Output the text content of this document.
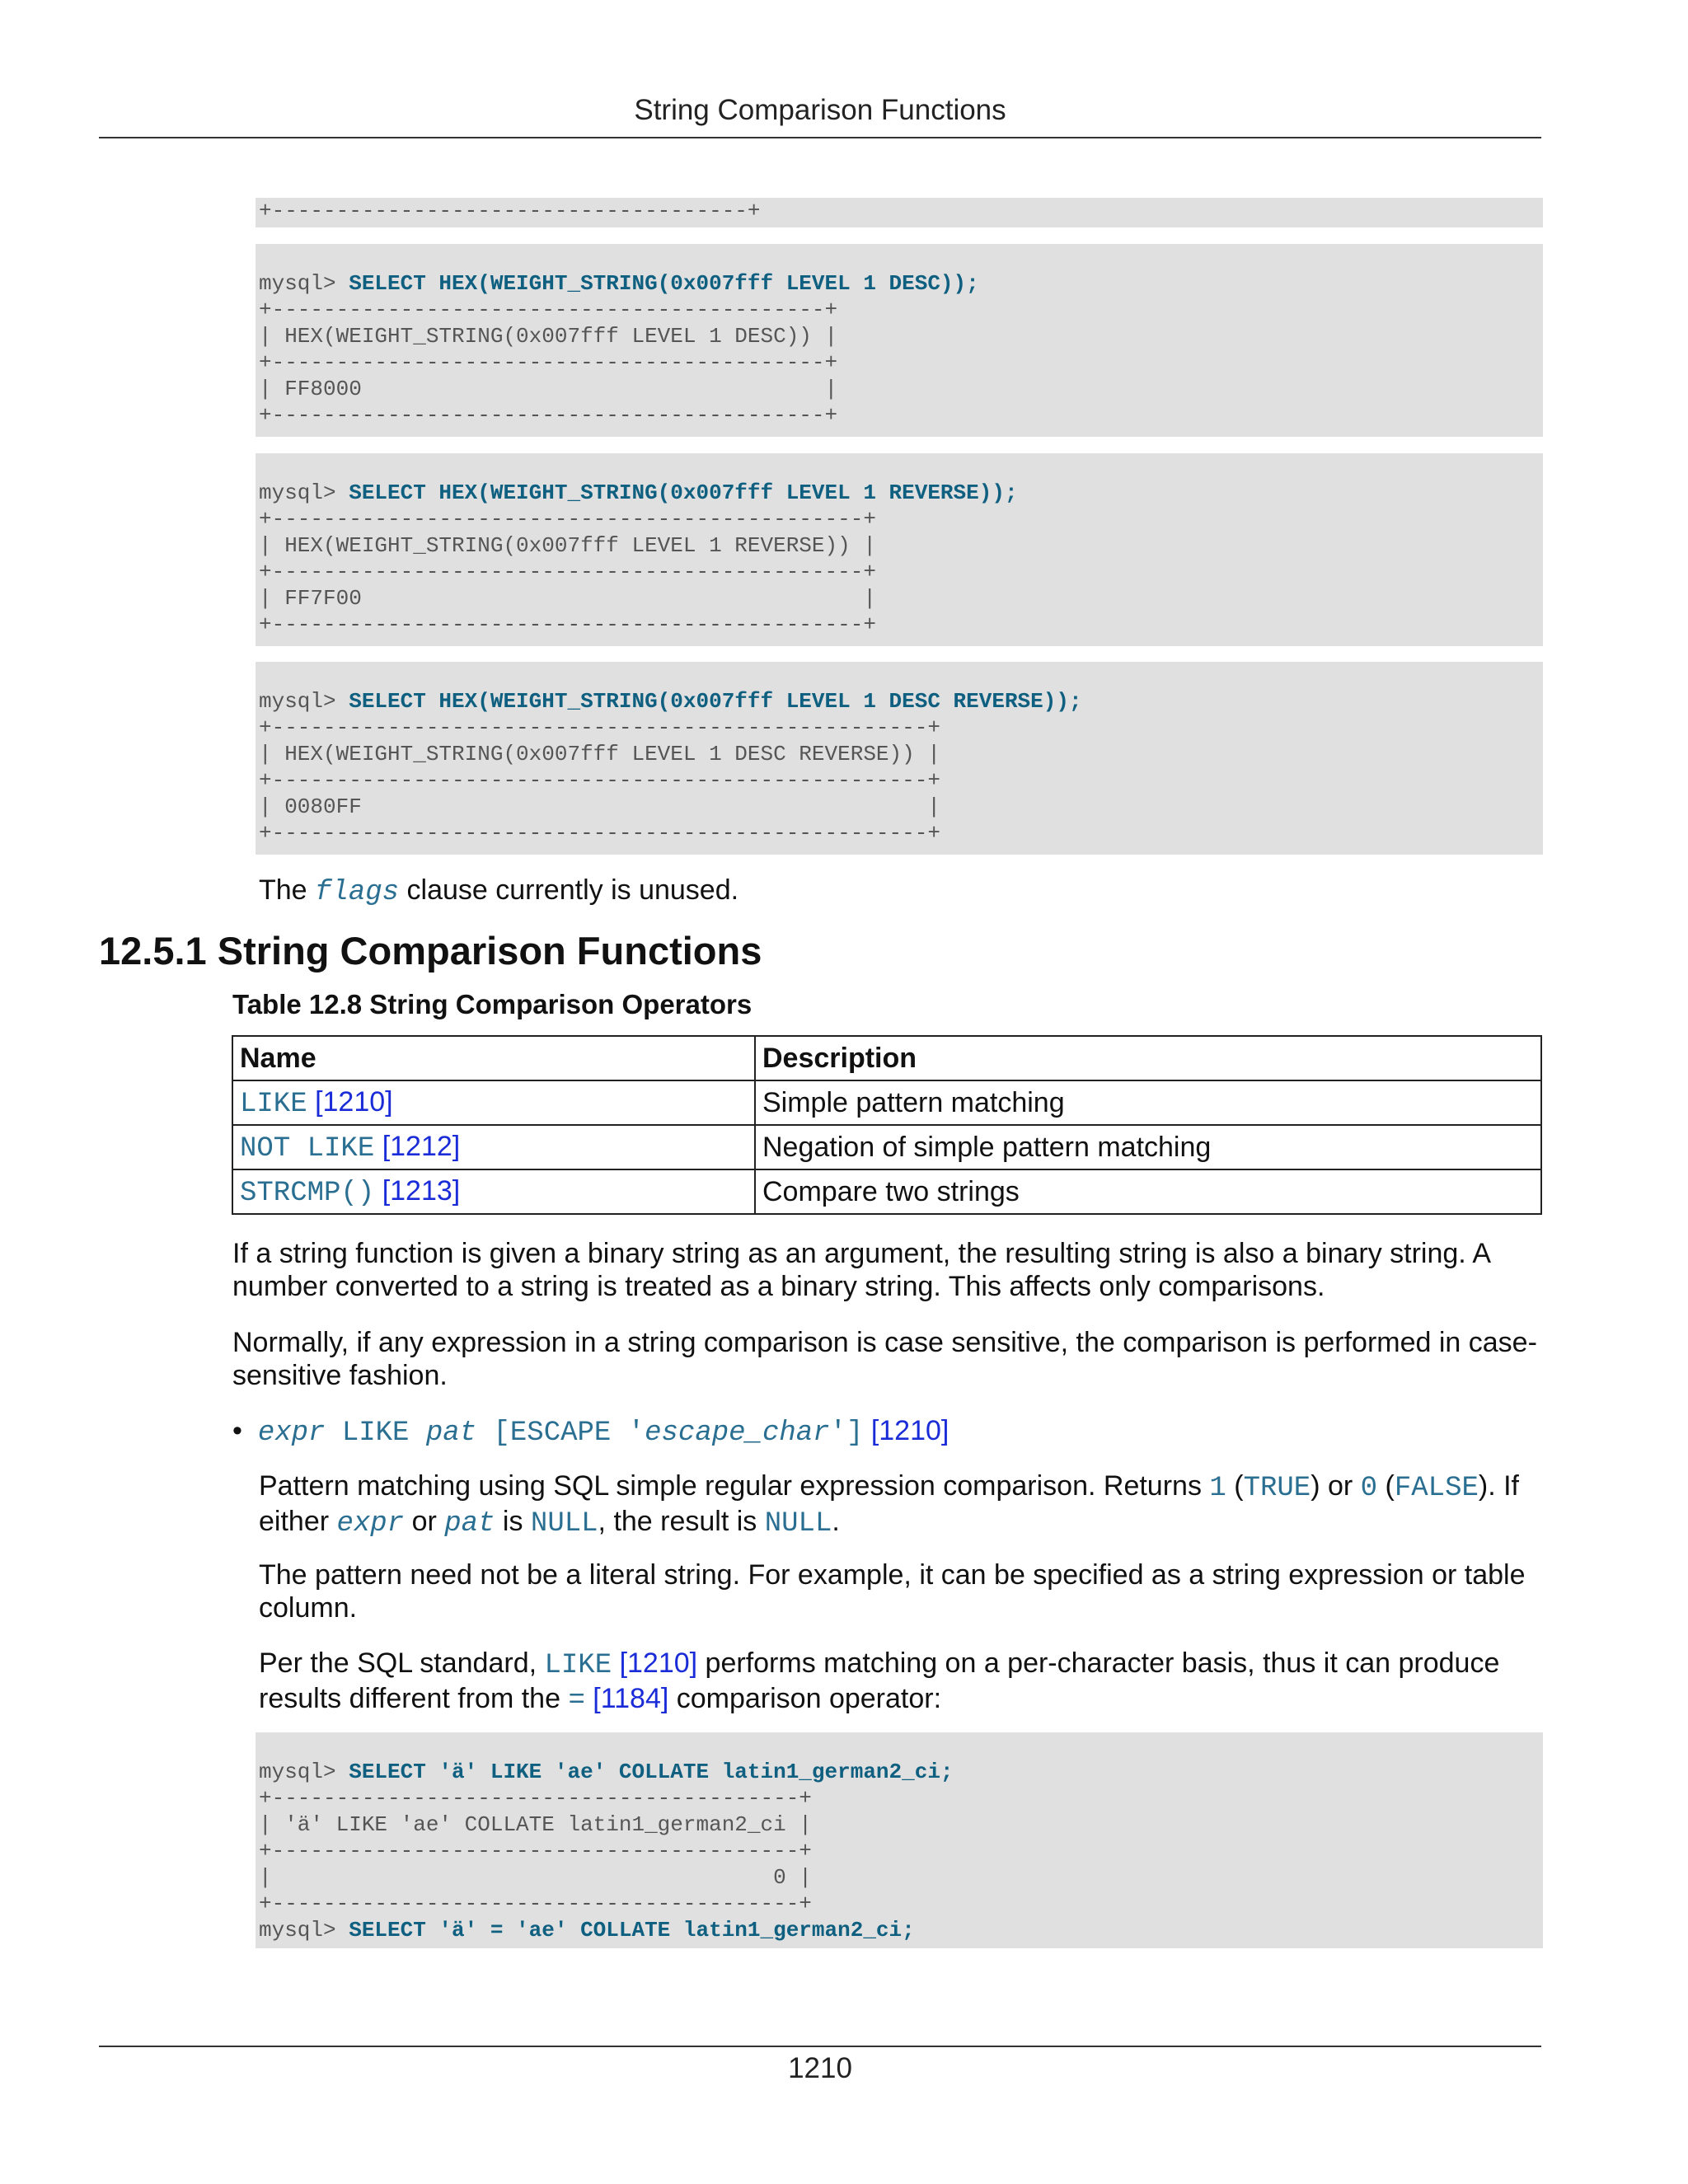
String Comparison Functions
+-------------------------------------+
mysql> SELECT HEX(WEIGHT_STRING(0x007fff LEVEL 1 DESC));
+-------------------------------------------+
| HEX(WEIGHT_STRING(0x007fff LEVEL 1 DESC)) |
+-------------------------------------------+
| FF8000                                    |
+-------------------------------------------+
mysql> SELECT HEX(WEIGHT_STRING(0x007fff LEVEL 1 REVERSE));
+----------------------------------------------+
| HEX(WEIGHT_STRING(0x007fff LEVEL 1 REVERSE)) |
+----------------------------------------------+
| FF7F00                                       |
+----------------------------------------------+
mysql> SELECT HEX(WEIGHT_STRING(0x007fff LEVEL 1 DESC REVERSE));
+---------------------------------------------------+
| HEX(WEIGHT_STRING(0x007fff LEVEL 1 DESC REVERSE)) |
+---------------------------------------------------+
| 0080FF                                            |
+---------------------------------------------------+
The flags clause currently is unused.
12.5.1 String Comparison Functions
Table 12.8 String Comparison Operators
Name	Description
LIKE [1210]	Simple pattern matching
NOT LIKE [1212]	Negation of simple pattern matching
STRCMP() [1213]	Compare two strings
If a string function is given a binary string as an argument, the resulting string is also a binary string. A number converted to a string is treated as a binary string. This affects only comparisons.
Normally, if any expression in a string comparison is case sensitive, the comparison is performed in case-sensitive fashion.
• expr LIKE pat [ESCAPE 'escape_char'] [1210]
Pattern matching using SQL simple regular expression comparison. Returns 1 (TRUE) or 0 (FALSE). If
either expr or pat is NULL, the result is NULL.
The pattern need not be a literal string. For example, it can be specified as a string expression or table column.
Per the SQL standard, LIKE [1210] performs matching on a per-character basis, thus it can produce
results different from the = [1184] comparison operator:
mysql> SELECT 'ä' LIKE 'ae' COLLATE latin1_german2_ci;
+-----------------------------------------+
| 'ä' LIKE 'ae' COLLATE latin1_german2_ci |
+-----------------------------------------+
|                                       0 |
+-----------------------------------------+
mysql> SELECT 'ä' = 'ae' COLLATE latin1_german2_ci;
1210
